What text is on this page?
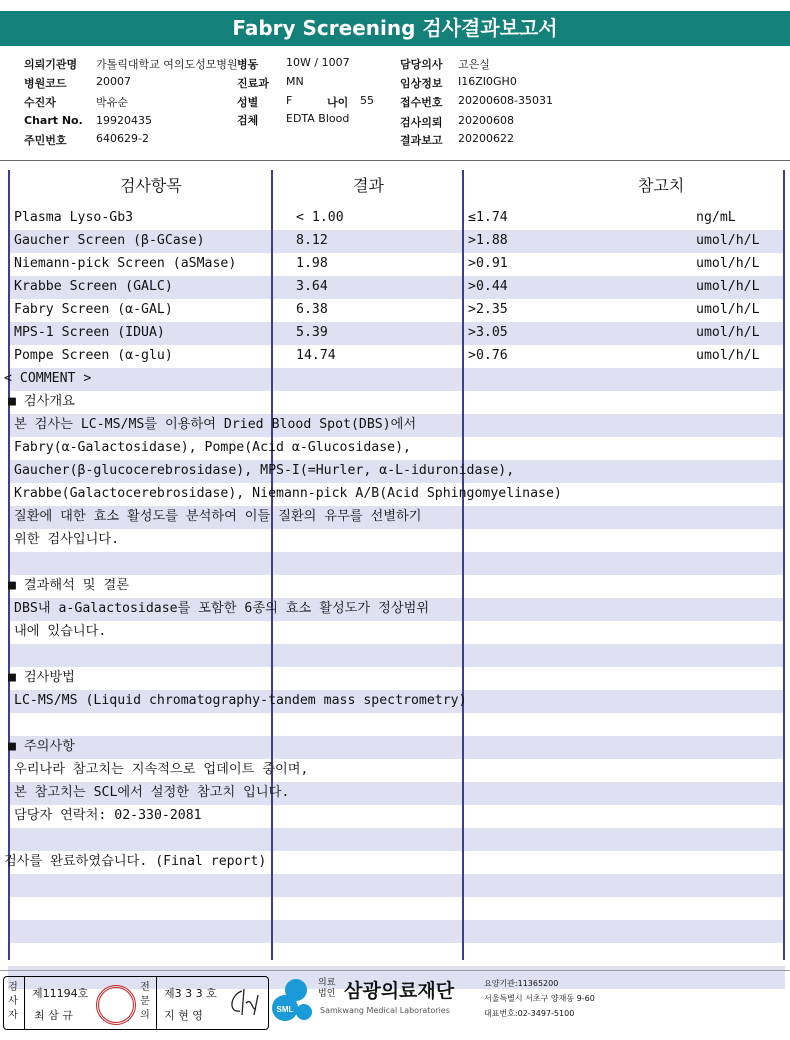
Fabry Screening 검사결과보고서
의뢰기관명 가톨릭대학교 여의도성모병원 병동	10W / 1007	담당의사 고은실
병원코드	20007	진료과 MN	임상정보 I16ZI0GH0
수진자	박유순	성별	F	나이 55 접수번호 20200608-35031
Chart No. 19920435	검체	EDTA Blood	검사의뢰 20200608
주민번호	640629-2	결과보고 20200622
검사항목	결과	참고치
Plasma Lyso-Gb3	< 1.00	≤1.74	ng/mL
Gaucher Screen (β-GCase)	8.12	>1.88	umol/h/L
Niemann-pick Screen (aSMase)	1.98	>0.91	umol/h/L
Krabbe Screen (GALC)	3.64	>0.44	umol/h/L
Fabry Screen (α-GAL)	6.38	>2.35	umol/h/L
MPS-1 Screen (IDUA)	5.39	>3.05	umol/h/L
Pompe Screen (α-glu)	14.74	>0.76	umol/h/L
< COMMENT >
■ 검사개요
본 검사는 LC-MS/MS를 이용하여 Dried Blood Spot(DBS)에서
Fabry(α-Galactosidase), Pompe(Acid α-Glucosidase),
Gaucher(β-glucocerebrosidase), MPS-I(=Hurler, α-L-iduronidase),
Krabbe(Galactocerebrosidase), Niemann-pick A/B(Acid Sphingomyelinase)
질환에 대한 효소 활성도를 분석하여 이들 질환의 유무를 선별하기
위한 검사입니다.
■ 결과해석 및 결론
DBS내 a-Galactosidase를 포함한 6종의 효소 활성도가 정상범위
내에 있습니다.
■ 검사방법
LC-MS/MS (Liquid chromatography-tandem mass spectrometry)
■ 주의사항
우리나라 참고치는 지속적으로 업데이트 중이며,
본 참고치는 SCL에서 설정한 참고치 입니다.
담당자 연락처: 02-330-2081
검사를 완료하였습니다. (Final report)
검사자
제11194호
최 삼 규
전문의
제3 3 3 호
지 현 영	SML
의료법인 삼광의료재단
Samkwang Medical Laboratories
요양기관:11365200
서울특별시 서초구 양재동 9-60
대표번호:02-3497-5100
